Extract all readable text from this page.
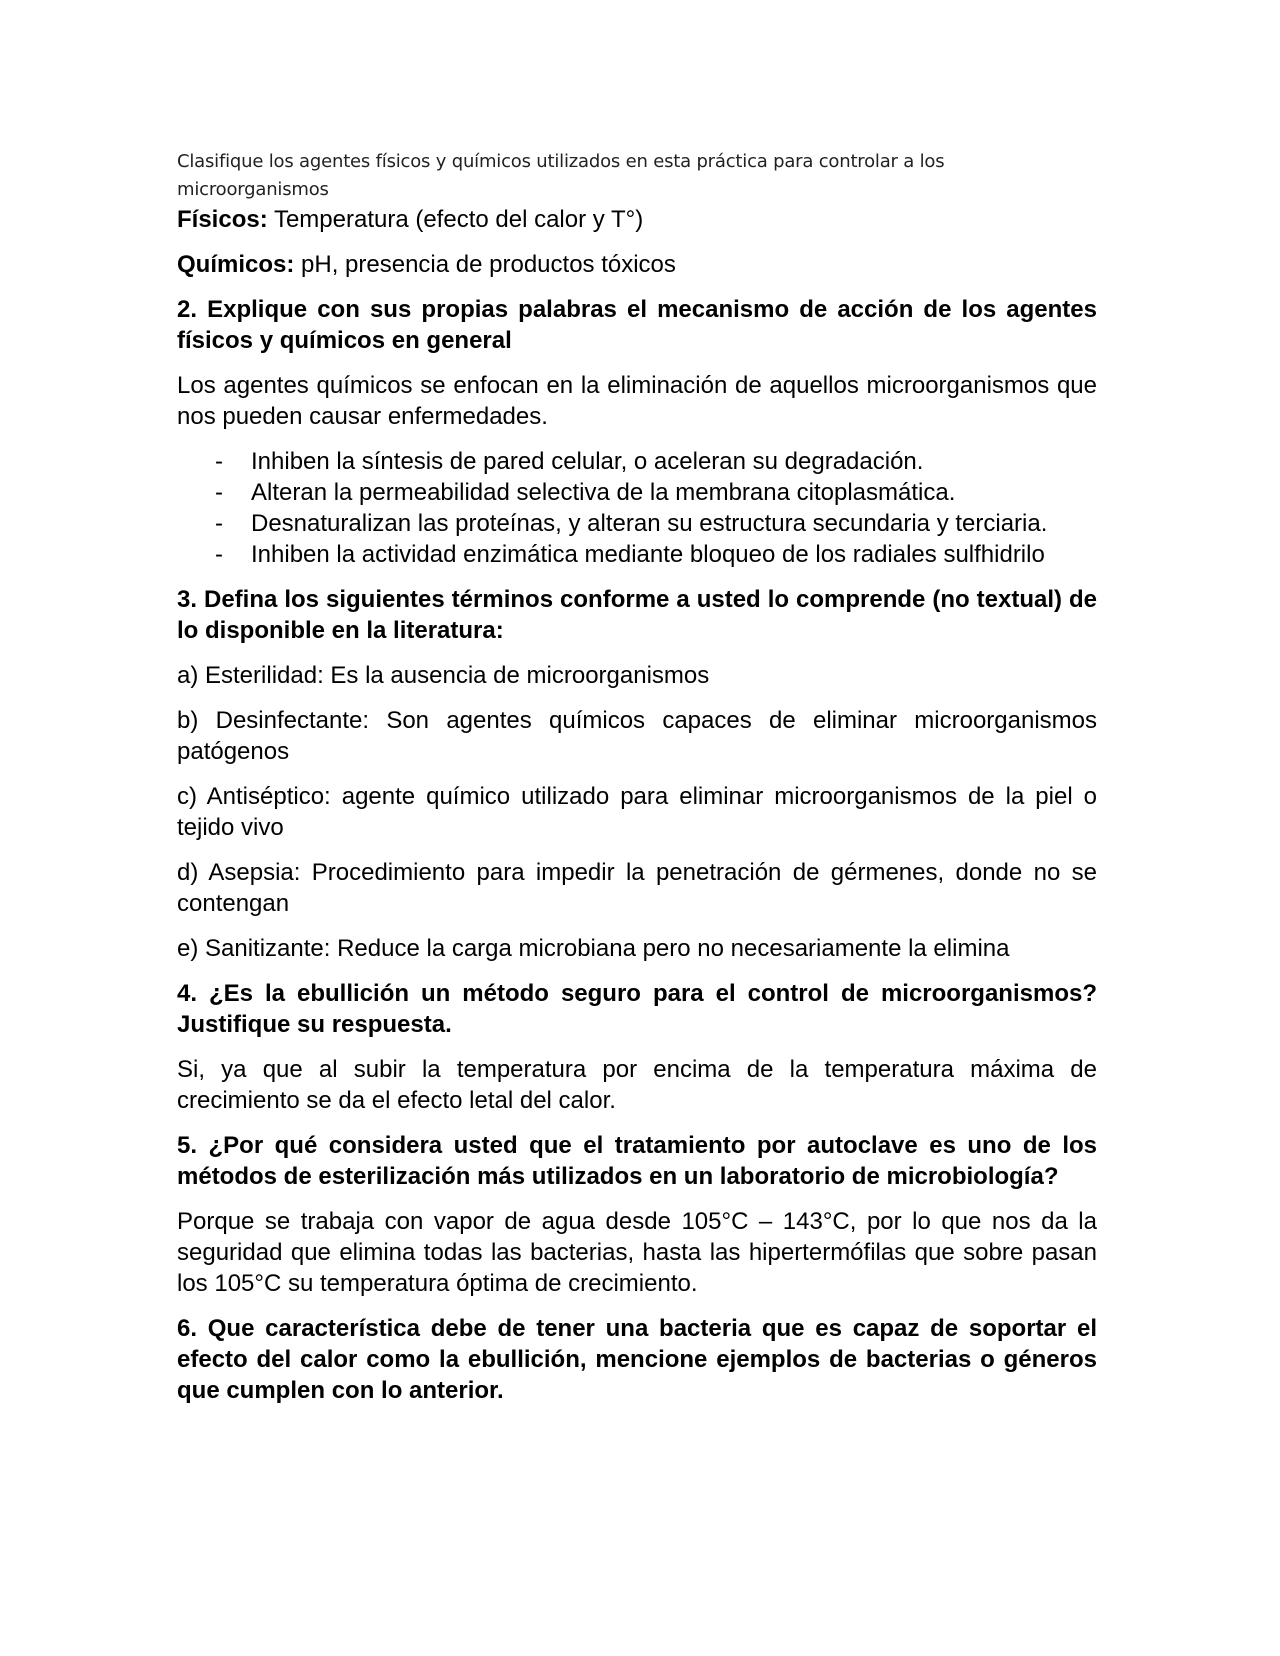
Clasifique los agentes físicos y químicos utilizados en esta práctica para controlar a los microorganismos

Físicos: Temperatura (efecto del calor y T°)

Químicos: pH, presencia de productos tóxicos

2. Explique con sus propias palabras el mecanismo de acción de los agentes físicos y químicos en general

Los agentes químicos se enfocan en la eliminación de aquellos microorganismos que nos pueden causar enfermedades.

- Inhiben la síntesis de pared celular, o aceleran su degradación.
- Alteran la permeabilidad selectiva de la membrana citoplasmática.
- Desnaturalizan las proteínas, y alteran su estructura secundaria y terciaria.
- Inhiben la actividad enzimática mediante bloqueo de los radiales sulfhidrilo

3. Defina los siguientes términos conforme a usted lo comprende (no textual) de lo disponible en la literatura:

a) Esterilidad: Es la ausencia de microorganismos

b) Desinfectante: Son agentes químicos capaces de eliminar microorganismos patógenos

c) Antiséptico: agente químico utilizado para eliminar microorganismos de la piel o tejido vivo

d) Asepsia: Procedimiento para impedir la penetración de gérmenes, donde no se contengan

e) Sanitizante: Reduce la carga microbiana pero no necesariamente la elimina

4. ¿Es la ebullición un método seguro para el control de microorganismos? Justifique su respuesta.

Si, ya que al subir la temperatura por encima de la temperatura máxima de crecimiento se da el efecto letal del calor.

5. ¿Por qué considera usted que el tratamiento por autoclave es uno de los métodos de esterilización más utilizados en un laboratorio de microbiología?

Porque se trabaja con vapor de agua desde 105°C – 143°C, por lo que nos da la seguridad que elimina todas las bacterias, hasta las hipertermófilas que sobre pasan los 105°C su temperatura óptima de crecimiento.

6. Que característica debe de tener una bacteria que es capaz de soportar el efecto del calor como la ebullición, mencione ejemplos de bacterias o géneros que cumplen con lo anterior.
